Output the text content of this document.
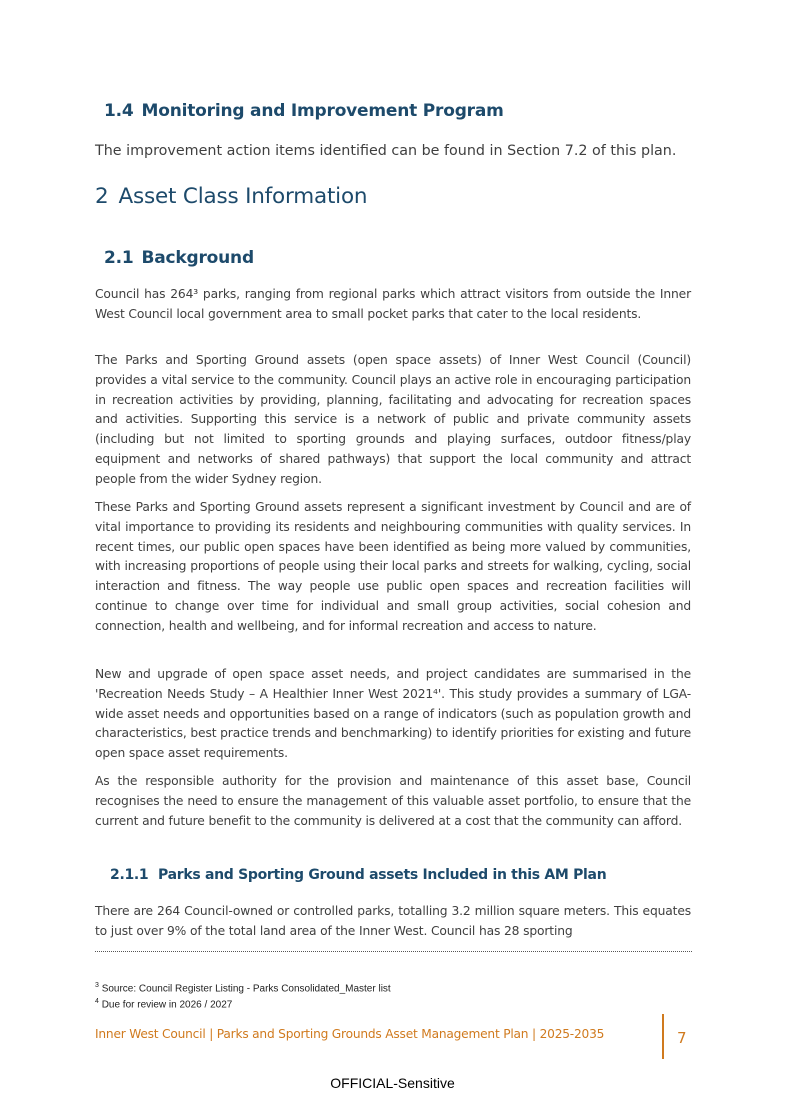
1.4 Monitoring and Improvement Program

The improvement action items identified can be found in Section 7.2 of this plan.

2 Asset Class Information
2.1 Background

Council has 264³ parks, ranging from regional parks which attract visitors from outside the Inner West Council local government area to small pocket parks that cater to the local residents.

The Parks and Sporting Ground assets (open space assets) of Inner West Council (Council) provides a vital service to the community. Council plays an active role in encouraging participation in recreation activities by providing, planning, facilitating and advocating for recreation spaces and activities. Supporting this service is a network of public and private community assets (including but not limited to sporting grounds and playing surfaces, outdoor fitness/play equipment and networks of shared pathways) that support the local community and attract people from the wider Sydney region.

These Parks and Sporting Ground assets represent a significant investment by Council and are of vital importance to providing its residents and neighbouring communities with quality services. In recent times, our public open spaces have been identified as being more valued by communities, with increasing proportions of people using their local parks and streets for walking, cycling, social interaction and fitness. The way people use public open spaces and recreation facilities will continue to change over time for individual and small group activities, social cohesion and connection, health and wellbeing, and for informal recreation and access to nature.

New and upgrade of open space asset needs, and project candidates are summarised in the 'Recreation Needs Study – A Healthier Inner West 2021⁴'. This study provides a summary of LGA-wide asset needs and opportunities based on a range of indicators (such as population growth and characteristics, best practice trends and benchmarking) to identify priorities for existing and future open space asset requirements.

As the responsible authority for the provision and maintenance of this asset base, Council recognises the need to ensure the management of this valuable asset portfolio, to ensure that the current and future benefit to the community is delivered at a cost that the community can afford.

2.1.1 Parks and Sporting Ground assets Included in this AM Plan

There are 264 Council-owned or controlled parks, totalling 3.2 million square meters. This equates to just over 9% of the total land area of the Inner West. Council has 28 sporting

$^3$ Source: Council Register Listing - Parks Consolidated_Master list

$^4$ Due for review in 2026 / 2027

Inner West Council | Parks and Sporting Grounds Asset Management Plan | 2025-2035	7

OFFICIAL-Sensitive
